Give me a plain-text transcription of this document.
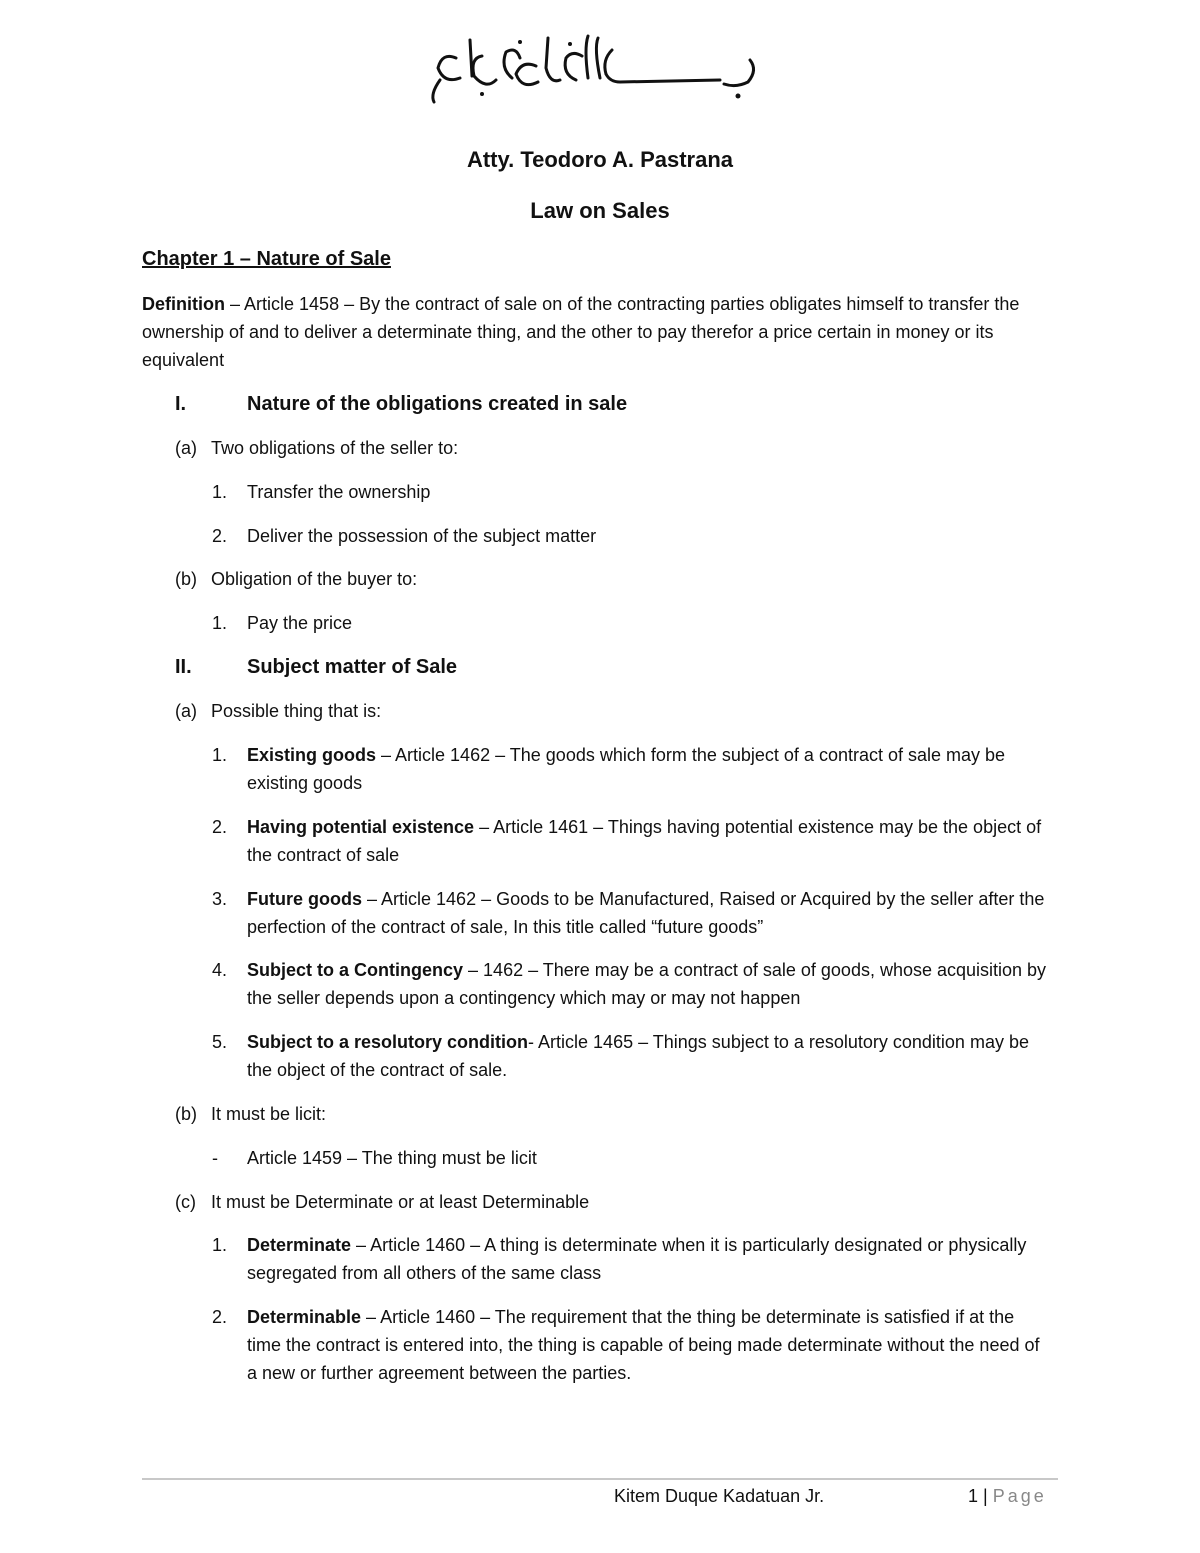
Atty. Teodoro A. Pastrana
Law on Sales
Chapter 1 – Nature of Sale
Definition – Article 1458 – By the contract of sale on of the contracting parties obligates himself to transfer the ownership of and to deliver a determinate thing, and the other to pay therefor a price certain in money or its equivalent
I.	Nature of the obligations created in sale
(a) Two obligations of the seller to:
1. Transfer the ownership
2. Deliver the possession of the subject matter
(b) Obligation of the buyer to:
1. Pay the price
II.	Subject matter of Sale
(a) Possible thing that is:
1. Existing goods – Article 1462 – The goods which form the subject of a contract of sale may be existing goods
2. Having potential existence – Article 1461 – Things having potential existence may be the object of the contract of sale
3. Future goods – Article 1462 – Goods to be Manufactured, Raised or Acquired by the seller after the perfection of the contract of sale, In this title called “future goods”
4. Subject to a Contingency – 1462 – There may be a contract of sale of goods, whose acquisition by the seller depends upon a contingency which may or may not happen
5. Subject to a resolutory condition- Article 1465 – Things subject to a resolutory condition may be the object of the contract of sale.
(b) It must be licit:
- Article 1459 – The thing must be licit
(c) It must be Determinate or at least Determinable
1. Determinate – Article 1460 – A thing is determinate when it is particularly designated or physically segregated from all others of the same class
2. Determinable – Article 1460 – The requirement that the thing be determinate is satisfied if at the time the contract is entered into, the thing is capable of being made determinate without the need of a new or further agreement between the parties.
Kitem Duque Kadatuan Jr.	1 | Page
